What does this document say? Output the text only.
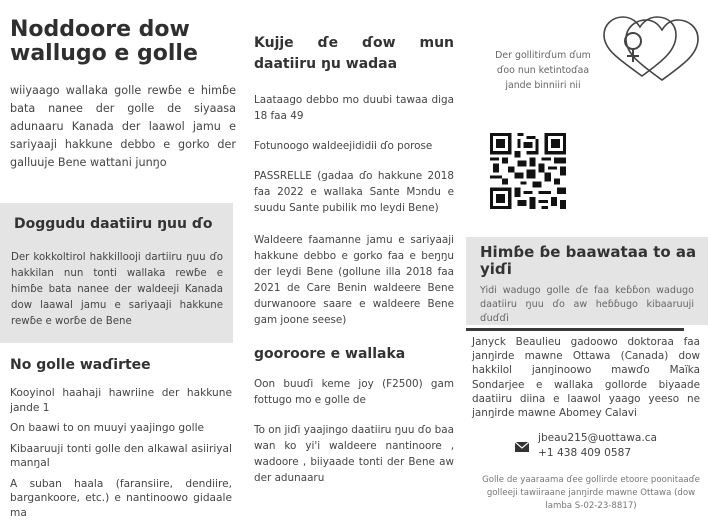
Noddoore dow wallugo e golle

wiiyaago wallaka golle rewɓe e himɓe bata nanee der golle de siyaasa adunaaru Kanada der laawol jamu e sariyaaji hakkune debbo e gorko der galluuje Bene wattani junŋo

Doggudu daatiiru ŋuu ɗo

Der kokkoltirol hakkillooji dartiiru ŋuu ɗo hakkilan nun tonti wallaka rewɓe e himɓe bata nanee der waldeeji Kanada dow laawal jamu e sariyaaji hakkune rewɓe e worɓe de Bene

No golle waɗirtee
Kooyinol haahaji hawriine der hakkune jande 1
On baawi to on muuyi yaajingo golle
Kibaaruuji tonti golle den alkawal asiiriyal manŋal
A suban haala (faransiire, dendiire, bargankoore, etc.) e nantinoowo gidaale ma
Kujje ɗe ɗow mun daatiiru ŋu wadaa

Laataago debbo mo duubi tawaa diga 18 faa 49

Fotunoogo waldeejididii ɗo porose

PASSRELLE (gadaa ɗo hakkune 2018 faa 2022 e wallaka Sante Mɔndu e suudu Sante pubilik mo leydi Bene)

Waldeere faamanne jamu e sariyaaji hakkune debbo e gorko faa e beŋŋu der leydi Bene (gollune illa 2018 faa 2021 de Care Benin waldeere Bene durwanoore saare e waldeere Bene gam joone seese)

gooroore e wallaka

Oon buuɗi keme joy (F2500) gam fottugo mo e golle de

To on jiɗi yaajingo daatiiru ŋuu ɗo baa wan ko yi'i waldeere nantinoore , wadoore , biiyaade tonti der Bene aw der adunaaru

Der gollitirɗum ɗum ɗoo nun ketintoɗaa jande binniiri nii

Himɓe ɓe baawataa to aa yiɗi

Yidi wadugo golle ɗe faa keɓɓon wadugo daatiiru ŋuu ɗo aw heɓɓugo kibaaruuji ɗuɗɗi

Janyck Beaulieu gadoowo doktoraa faa janŋirde mawne Ottawa (Canada) dow hakkilol janŋinoowo mawɗo Maïka Sondarjee e wallaka gollorde biyaade daatiiru diina e laawol yaago yeeso ne janŋirde mawne Abomey Calavi

jbeau215@uottawa.ca
+1 438 409 0587

Golle de yaaraama ɗee gollirde etoore poonitaaɗe golleeji tawiiraane janŋirde mawne Ottawa (dow lamba S-02-23-8817)
